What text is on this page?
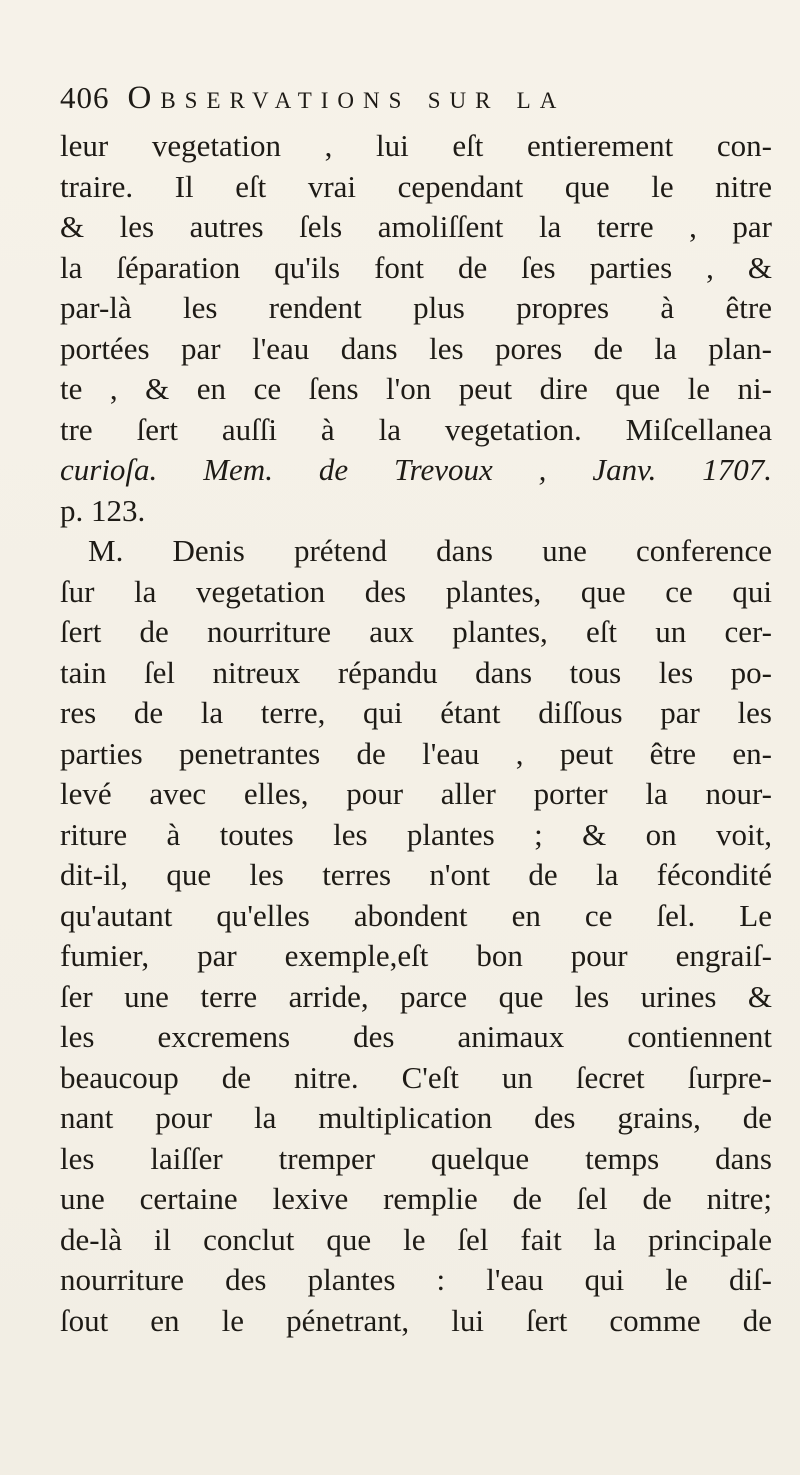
406 Observations sur la
leur vegetation , lui eſt entierement con-
traire. Il eſt vrai cependant que le nitre
& les autres ſels amoliſſent la terre , par
la ſéparation qu'ils font de ſes parties , &
par-là les rendent plus propres à être
portées par l'eau dans les pores de la plan-
te , & en ce ſens l'on peut dire que le ni-
tre ſert auſſi à la vegetation. Miſcellanea
curioſa. Mem. de Trevoux , Janv. 1707.
p. 123.
M. Denis prétend dans une conference
ſur la vegetation des plantes, que ce qui
ſert de nourriture aux plantes, eſt un cer-
tain ſel nitreux répandu dans tous les po-
res de la terre, qui étant diſſous par les
parties penetrantes de l'eau , peut être en-
levé avec elles, pour aller porter la nour-
riture à toutes les plantes ; & on voit,
dit-il, que les terres n'ont de la fécondité
qu'autant qu'elles abondent en ce ſel. Le
fumier, par exemple,eſt bon pour engraiſ-
ſer une terre arride, parce que les urines &
les excremens des animaux contiennent
beaucoup de nitre. C'eſt un ſecret ſurpre-
nant pour la multiplication des grains, de
les laiſſer tremper quelque temps dans
une certaine lexive remplie de ſel de nitre;
de-là il conclut que le ſel fait la principale
nourriture des plantes : l'eau qui le diſ-
ſout en le pénetrant, lui ſert comme de
